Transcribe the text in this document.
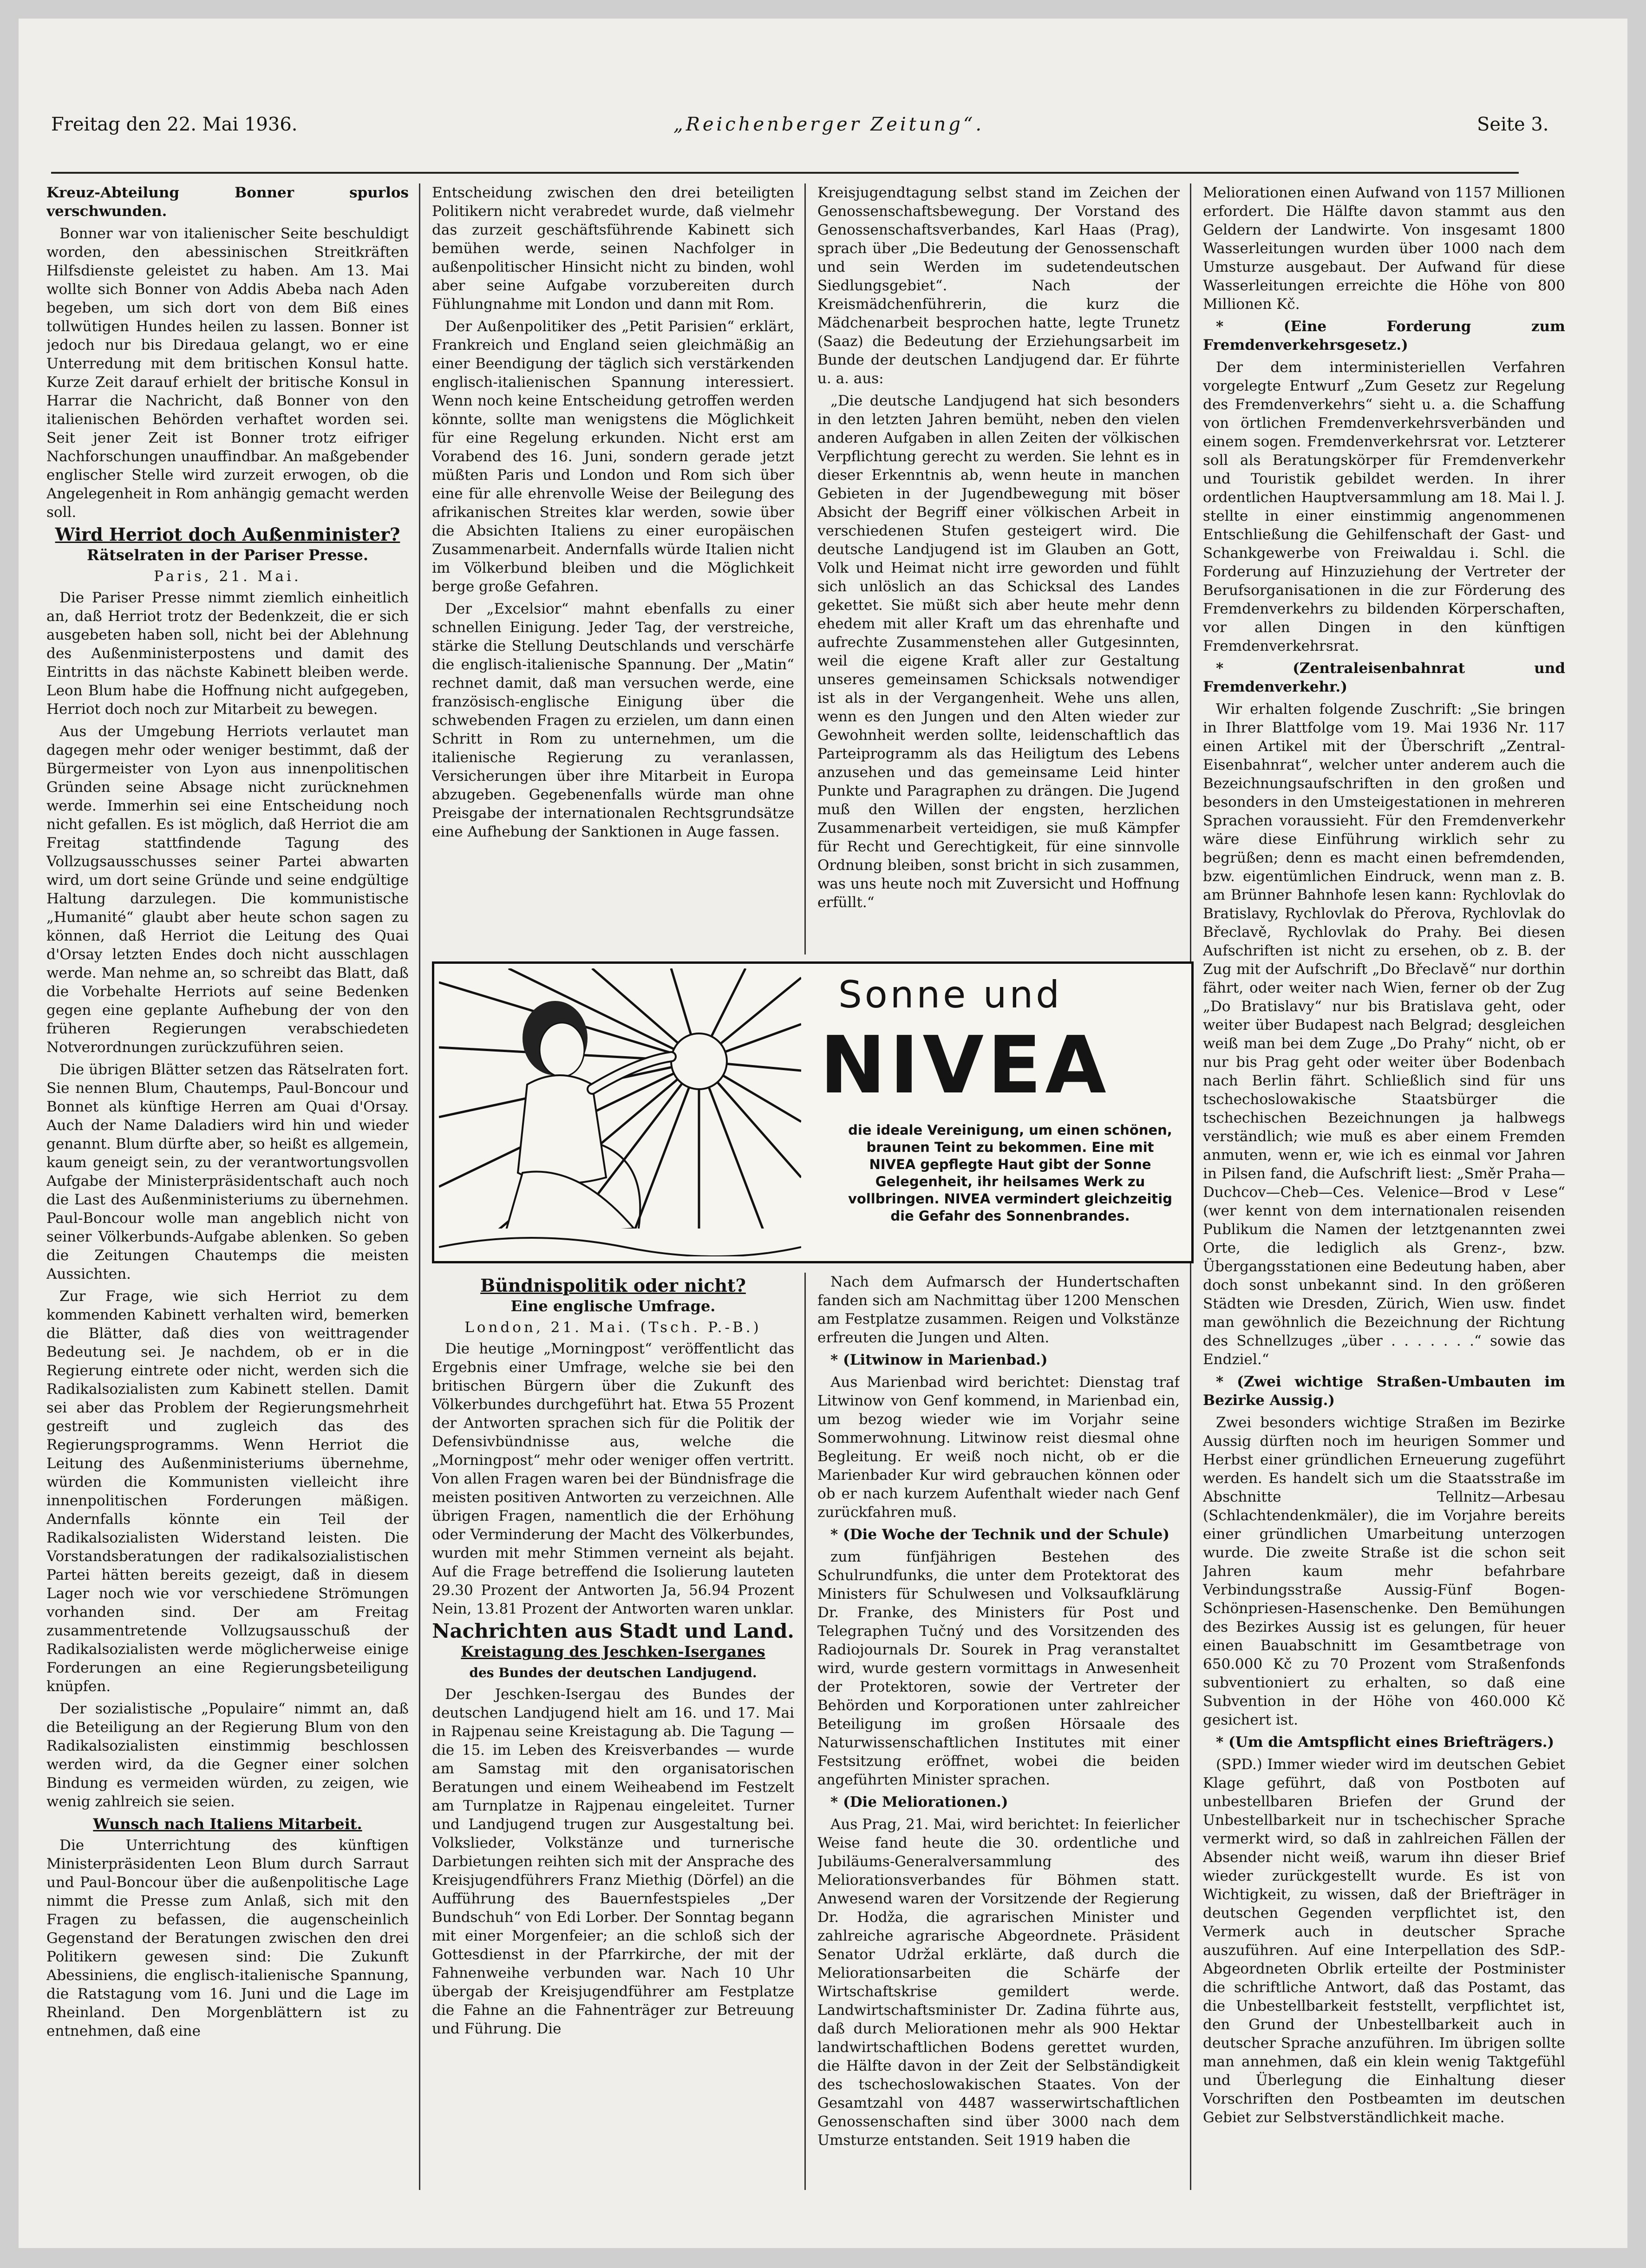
Freitag den 22. Mai 1936.	„Reichenberger Zeitung“.	Seite 3.

Kreuz-Abteilung Bonner spurlos verschwunden.

Bonner war von italienischer Seite beschuldigt worden, den abessinischen Streitkräften Hilfsdienste geleistet zu haben. Am 13. Mai wollte sich Bonner von Addis Abeba nach Aden begeben, um sich dort von dem Biß eines tollwütigen Hundes heilen zu lassen. Bonner ist jedoch nur bis Diredaua gelangt, wo er eine Unterredung mit dem britischen Konsul hatte. Kurze Zeit darauf erhielt der britische Konsul in Harrar die Nachricht, daß Bonner von den italienischen Behörden verhaftet worden sei. Seit jener Zeit ist Bonner trotz eifriger Nachforschungen unauffindbar. An maßgebender englischer Stelle wird zurzeit erwogen, ob die Angelegenheit in Rom anhängig gemacht werden soll.

Wird Herriot doch Außenminister?
Rätselraten in der Pariser Presse.
Paris, 21. Mai.

Die Pariser Presse nimmt ziemlich einheitlich an, daß Herriot trotz der Bedenkzeit, die er sich ausgebeten haben soll, nicht bei der Ablehnung des Außenministerpostens und damit des Eintritts in das nächste Kabinett bleiben werde. Leon Blum habe die Hoffnung nicht aufgegeben, Herriot doch noch zur Mitarbeit zu bewegen.

Aus der Umgebung Herriots verlautet man dagegen mehr oder weniger bestimmt, daß der Bürgermeister von Lyon aus innenpolitischen Gründen seine Absage nicht zurücknehmen werde. Immerhin sei eine Entscheidung noch nicht gefallen. Es ist möglich, daß Herriot die am Freitag stattfindende Tagung des Vollzugsausschusses seiner Partei abwarten wird, um dort seine Gründe und seine endgültige Haltung darzulegen. Die kommunistische „Humanité“ glaubt aber heute schon sagen zu können, daß Herriot die Leitung des Quai d'Orsay letzten Endes doch nicht ausschlagen werde. Man nehme an, so schreibt das Blatt, daß die Vorbehalte Herriots auf seine Bedenken gegen eine geplante Aufhebung der von den früheren Regierungen verabschiedeten Notverordnungen zurückzuführen seien.

Die übrigen Blätter setzen das Rätselraten fort. Sie nennen Blum, Chautemps, Paul-Boncour und Bonnet als künftige Herren am Quai d'Orsay. Auch der Name Daladiers wird hin und wieder genannt. Blum dürfte aber, so heißt es allgemein, kaum geneigt sein, zu der verantwortungsvollen Aufgabe der Ministerpräsidentschaft auch noch die Last des Außenministeriums zu übernehmen. Paul-Boncour wolle man angeblich nicht von seiner Völkerbunds-Aufgabe ablenken. So geben die Zeitungen Chautemps die meisten Aussichten.

Zur Frage, wie sich Herriot zu dem kommenden Kabinett verhalten wird, bemerken die Blätter, daß dies von weittragender Bedeutung sei. Je nachdem, ob er in die Regierung eintrete oder nicht, werden sich die Radikalsozialisten zum Kabinett stellen. Damit sei aber das Problem der Regierungsmehrheit gestreift und zugleich das des Regierungsprogramms. Wenn Herriot die Leitung des Außenministeriums übernehme, würden die Kommunisten vielleicht ihre innenpolitischen Forderungen mäßigen. Andernfalls könnte ein Teil der Radikalsozialisten Widerstand leisten. Die Vorstandsberatungen der radikalsozialistischen Partei hätten bereits gezeigt, daß in diesem Lager noch wie vor verschiedene Strömungen vorhanden sind. Der am Freitag zusammentretende Vollzugsausschuß der Radikalsozialisten werde möglicherweise einige Forderungen an eine Regierungsbeteiligung knüpfen.

Der sozialistische „Populaire“ nimmt an, daß die Beteiligung an der Regierung Blum von den Radikalsozialisten einstimmig beschlossen werden wird, da die Gegner einer solchen Bindung es vermeiden würden, zu zeigen, wie wenig zahlreich sie seien.

Wunsch nach Italiens Mitarbeit.

Die Unterrichtung des künftigen Ministerpräsidenten Leon Blum durch Sarraut und Paul-Boncour über die außenpolitische Lage nimmt die Presse zum Anlaß, sich mit den Fragen zu befassen, die augenscheinlich Gegenstand der Beratungen zwischen den drei Politikern gewesen sind: Die Zukunft Abessiniens, die englisch-italienische Spannung, die Ratstagung vom 16. Juni und die Lage im Rheinland. Den Morgenblättern ist zu entnehmen, daß eine

Entscheidung zwischen den drei beteiligten Politikern nicht verabredet wurde, daß vielmehr das zurzeit geschäftsführende Kabinett sich bemühen werde, seinen Nachfolger in außenpolitischer Hinsicht nicht zu binden, wohl aber seine Aufgabe vorzubereiten durch Fühlungnahme mit London und dann mit Rom.

Der Außenpolitiker des „Petit Parisien“ erklärt, Frankreich und England seien gleichmäßig an einer Beendigung der täglich sich verstärkenden englisch-italienischen Spannung interessiert. Wenn noch keine Entscheidung getroffen werden könnte, sollte man wenigstens die Möglichkeit für eine Regelung erkunden. Nicht erst am Vorabend des 16. Juni, sondern gerade jetzt müßten Paris und London und Rom sich über eine für alle ehrenvolle Weise der Beilegung des afrikanischen Streites klar werden, sowie über die Absichten Italiens zu einer europäischen Zusammenarbeit. Andernfalls würde Italien nicht im Völkerbund bleiben und die Möglichkeit berge große Gefahren.

Der „Excelsior“ mahnt ebenfalls zu einer schnellen Einigung. Jeder Tag, der verstreiche, stärke die Stellung Deutschlands und verschärfe die englisch-italienische Spannung. Der „Matin“ rechnet damit, daß man versuchen werde, eine französisch-englische Einigung über die schwebenden Fragen zu erzielen, um dann einen Schritt in Rom zu unternehmen, um die italienische Regierung zu veranlassen, Versicherungen über ihre Mitarbeit in Europa abzugeben. Gegebenenfalls würde man ohne Preisgabe der internationalen Rechtsgrundsätze eine Aufhebung der Sanktionen in Auge fassen.

Bündnispolitik oder nicht?
Eine englische Umfrage.
London, 21. Mai. (Tsch. P.-B.)

Die heutige „Morningpost“ veröffentlicht das Ergebnis einer Umfrage, welche sie bei den britischen Bürgern über die Zukunft des Völkerbundes durchgeführt hat. Etwa 55 Prozent der Antworten sprachen sich für die Politik der Defensivbündnisse aus, welche die „Morningpost“ mehr oder weniger offen vertritt. Von allen Fragen waren bei der Bündnisfrage die meisten positiven Antworten zu verzeichnen. Alle übrigen Fragen, namentlich die der Erhöhung oder Verminderung der Macht des Völkerbundes, wurden mit mehr Stimmen verneint als bejaht. Auf die Frage betreffend die Isolierung lauteten 29.30 Prozent der Antworten Ja, 56.94 Prozent Nein, 13.81 Prozent der Antworten waren unklar.

Nachrichten aus Stadt und Land.
Kreistagung des Jeschken-Iserganes
des Bundes der deutschen Landjugend.

Der Jeschken-Isergau des Bundes der deutschen Landjugend hielt am 16. und 17. Mai in Rajpenau seine Kreistagung ab. Die Tagung — die 15. im Leben des Kreisverbandes — wurde am Samstag mit den organisatorischen Beratungen und einem Weiheabend im Festzelt am Turnplatze in Rajpenau eingeleitet. Turner und Landjugend trugen zur Ausgestaltung bei. Volkslieder, Volkstänze und turnerische Darbietungen reihten sich mit der Ansprache des Kreisjugendführers Franz Miethig (Dörfel) an die Aufführung des Bauernfestspieles „Der Bundschuh“ von Edi Lorber. Der Sonntag begann mit einer Morgenfeier; an die schloß sich der Gottesdienst in der Pfarrkirche, der mit der Fahnenweihe verbunden war. Nach 10 Uhr übergab der Kreisjugendführer am Festplatze die Fahne an die Fahnenträger zur Betreuung und Führung. Die

Kreisjugendtagung selbst stand im Zeichen der Genossenschaftsbewegung. Der Vorstand des Genossenschaftsverbandes, Karl Haas (Prag), sprach über „Die Bedeutung der Genossenschaft und sein Werden im sudetendeutschen Siedlungsgebiet“. Nach der Kreismädchenführerin, die kurz die Mädchenarbeit besprochen hatte, legte Trunetz (Saaz) die Bedeutung der Erziehungsarbeit im Bunde der deutschen Landjugend dar. Er führte u. a. aus:

„Die deutsche Landjugend hat sich besonders in den letzten Jahren bemüht, neben den vielen anderen Aufgaben in allen Zeiten der völkischen Verpflichtung gerecht zu werden. Sie lehnt es in dieser Erkenntnis ab, wenn heute in manchen Gebieten in der Jugendbewegung mit böser Absicht der Begriff einer völkischen Arbeit in verschiedenen Stufen gesteigert wird. Die deutsche Landjugend ist im Glauben an Gott, Volk und Heimat nicht irre geworden und fühlt sich unlöslich an das Schicksal des Landes gekettet. Sie müßt sich aber heute mehr denn ehedem mit aller Kraft um das ehrenhafte und aufrechte Zusammenstehen aller Gutgesinnten, weil die eigene Kraft aller zur Gestaltung unseres gemeinsamen Schicksals notwendiger ist als in der Vergangenheit. Wehe uns allen, wenn es den Jungen und den Alten wieder zur Gewohnheit werden sollte, leidenschaftlich das Parteiprogramm als das Heiligtum des Lebens anzusehen und das gemeinsame Leid hinter Punkte und Paragraphen zu drängen. Die Jugend muß den Willen der engsten, herzlichen Zusammenarbeit verteidigen, sie muß Kämpfer für Recht und Gerechtigkeit, für eine sinnvolle Ordnung bleiben, sonst bricht in sich zusammen, was uns heute noch mit Zuversicht und Hoffnung erfüllt.“

Nach dem Aufmarsch der Hundertschaften fanden sich am Nachmittag über 1200 Menschen am Festplatze zusammen. Reigen und Volkstänze erfreuten die Jungen und Alten.

* (Litwinow in Marienbad.)

Aus Marienbad wird berichtet: Dienstag traf Litwinow von Genf kommend, in Marienbad ein, um bezog wieder wie im Vorjahr seine Sommerwohnung. Litwinow reist diesmal ohne Begleitung. Er weiß noch nicht, ob er die Marienbader Kur wird gebrauchen können oder ob er nach kurzem Aufenthalt wieder nach Genf zurückfahren muß.

* (Die Woche der Technik und der Schule)

zum fünfjährigen Bestehen des Schulrundfunks, die unter dem Protektorat des Ministers für Schulwesen und Volksaufklärung Dr. Franke, des Ministers für Post und Telegraphen Tučný und des Vorsitzenden des Radiojournals Dr. Sourek in Prag veranstaltet wird, wurde gestern vormittags in Anwesenheit der Protektoren, sowie der Vertreter der Behörden und Korporationen unter zahlreicher Beteiligung im großen Hörsaale des Naturwissenschaftlichen Institutes mit einer Festsitzung eröffnet, wobei die beiden angeführten Minister sprachen.

* (Die Meliorationen.)

Aus Prag, 21. Mai, wird berichtet: In feierlicher Weise fand heute die 30. ordentliche und Jubiläums-Generalversammlung des Meliorationsverbandes für Böhmen statt. Anwesend waren der Vorsitzende der Regierung Dr. Hodža, die agrarischen Minister und zahlreiche agrarische Abgeordnete. Präsident Senator Udržal erklärte, daß durch die Meliorationsarbeiten die Schärfe der Wirtschaftskrise gemildert werde. Landwirtschaftsminister Dr. Zadina führte aus, daß durch Meliorationen mehr als 900 Hektar landwirtschaftlichen Bodens gerettet wurden, die Hälfte davon in der Zeit der Selbständigkeit des tschechoslowakischen Staates. Von der Gesamtzahl von 4487 wasserwirtschaftlichen Genossenschaften sind über 3000 nach dem Umsturze entstanden. Seit 1919 haben die

Meliorationen einen Aufwand von 1157 Millionen erfordert. Die Hälfte davon stammt aus den Geldern der Landwirte. Von insgesamt 1800 Wasserleitungen wurden über 1000 nach dem Umsturze ausgebaut. Der Aufwand für diese Wasserleitungen erreichte die Höhe von 800 Millionen Kč.

* (Eine Forderung zum Fremdenverkehrsgesetz.)

Der dem interministeriellen Verfahren vorgelegte Entwurf „Zum Gesetz zur Regelung des Fremdenverkehrs“ sieht u. a. die Schaffung von örtlichen Fremdenverkehrsverbänden und einem sogen. Fremdenverkehrsrat vor. Letzterer soll als Beratungskörper für Fremdenverkehr und Touristik gebildet werden. In ihrer ordentlichen Hauptversammlung am 18. Mai l. J. stellte in einer einstimmig angenommenen Entschließung die Gehilfenschaft der Gast- und Schankgewerbe von Freiwaldau i. Schl. die Forderung auf Hinzuziehung der Vertreter der Berufsorganisationen in die zur Förderung des Fremdenverkehrs zu bildenden Körperschaften, vor allen Dingen in den künftigen Fremdenverkehrsrat.

* (Zentraleisenbahnrat und Fremdenverkehr.)

Wir erhalten folgende Zuschrift: „Sie bringen in Ihrer Blattfolge vom 19. Mai 1936 Nr. 117 einen Artikel mit der Überschrift „Zentral-Eisenbahnrat“, welcher unter anderem auch die Bezeichnungsaufschriften in den großen und besonders in den Umsteigestationen in mehreren Sprachen voraussieht. Für den Fremdenverkehr wäre diese Einführung wirklich sehr zu begrüßen; denn es macht einen befremdenden, bzw. eigentümlichen Eindruck, wenn man z. B. am Brünner Bahnhofe lesen kann: Rychlovlak do Bratislavy, Rychlovlak do Přerova, Rychlovlak do Břeclavě, Rychlovlak do Prahy. Bei diesen Aufschriften ist nicht zu ersehen, ob z. B. der Zug mit der Aufschrift „Do Břeclavě“ nur dorthin fährt, oder weiter nach Wien, ferner ob der Zug „Do Bratislavy“ nur bis Bratislava geht, oder weiter über Budapest nach Belgrad; desgleichen weiß man bei dem Zuge „Do Prahy“ nicht, ob er nur bis Prag geht oder weiter über Bodenbach nach Berlin fährt. Schließlich sind für uns tschechoslowakische Staatsbürger die tschechischen Bezeichnungen ja halbwegs verständlich; wie muß es aber einem Fremden anmuten, wenn er, wie ich es einmal vor Jahren in Pilsen fand, die Aufschrift liest: „Směr Praha—Duchcov—Cheb—Ces. Velenice—Brod v Lese“ (wer kennt von dem internationalen reisenden Publikum die Namen der letztgenannten zwei Orte, die lediglich als Grenz-, bzw. Übergangsstationen eine Bedeutung haben, aber doch sonst unbekannt sind. In den größeren Städten wie Dresden, Zürich, Wien usw. findet man gewöhnlich die Bezeichnung der Richtung des Schnellzuges „über . . . . . . .“ sowie das Endziel.“

* (Zwei wichtige Straßen-Umbauten im Bezirke Aussig.)

Zwei besonders wichtige Straßen im Bezirke Aussig dürften noch im heurigen Sommer und Herbst einer gründlichen Erneuerung zugeführt werden. Es handelt sich um die Staatsstraße im Abschnitte Tellnitz—Arbesau (Schlachtendenkmäler), die im Vorjahre bereits einer gründlichen Umarbeitung unterzogen wurde. Die zweite Straße ist die schon seit Jahren kaum mehr befahrbare Verbindungsstraße Aussig-Fünf Bogen-Schönpriesen-Hasenschenke. Den Bemühungen des Bezirkes Aussig ist es gelungen, für heuer einen Bauabschnitt im Gesamtbetrage von 650.000 Kč zu 70 Prozent vom Straßenfonds subventioniert zu erhalten, so daß eine Subvention in der Höhe von 460.000 Kč gesichert ist.

* (Um die Amtspflicht eines Briefträgers.)

(SPD.) Immer wieder wird im deutschen Gebiet Klage geführt, daß von Postboten auf unbestellbaren Briefen der Grund der Unbestellbarkeit nur in tschechischer Sprache vermerkt wird, so daß in zahlreichen Fällen der Absender nicht weiß, warum ihn dieser Brief wieder zurückgestellt wurde. Es ist von Wichtigkeit, zu wissen, daß der Briefträger in deutschen Gegenden verpflichtet ist, den Vermerk auch in deutscher Sprache auszuführen. Auf eine Interpellation des SdP.-Abgeordneten Obrlik erteilte der Postminister die schriftliche Antwort, daß das Postamt, das die Unbestellbarkeit feststellt, verpflichtet ist, den Grund der Unbestellbarkeit auch in deutscher Sprache anzuführen. Im übrigen sollte man annehmen, daß ein klein wenig Taktgefühl und Überlegung die Einhaltung dieser Vorschriften den Postbeamten im deutschen Gebiet zur Selbstverständlichkeit mache.

Sonne und
NIVEA
die ideale Vereinigung, um einen schönen, braunen Teint zu bekommen. Eine mit NIVEA gepflegte Haut gibt der Sonne Gelegenheit, ihr heilsames Werk zu vollbringen. NIVEA vermindert gleichzeitig die Gefahr des Sonnenbrandes.
